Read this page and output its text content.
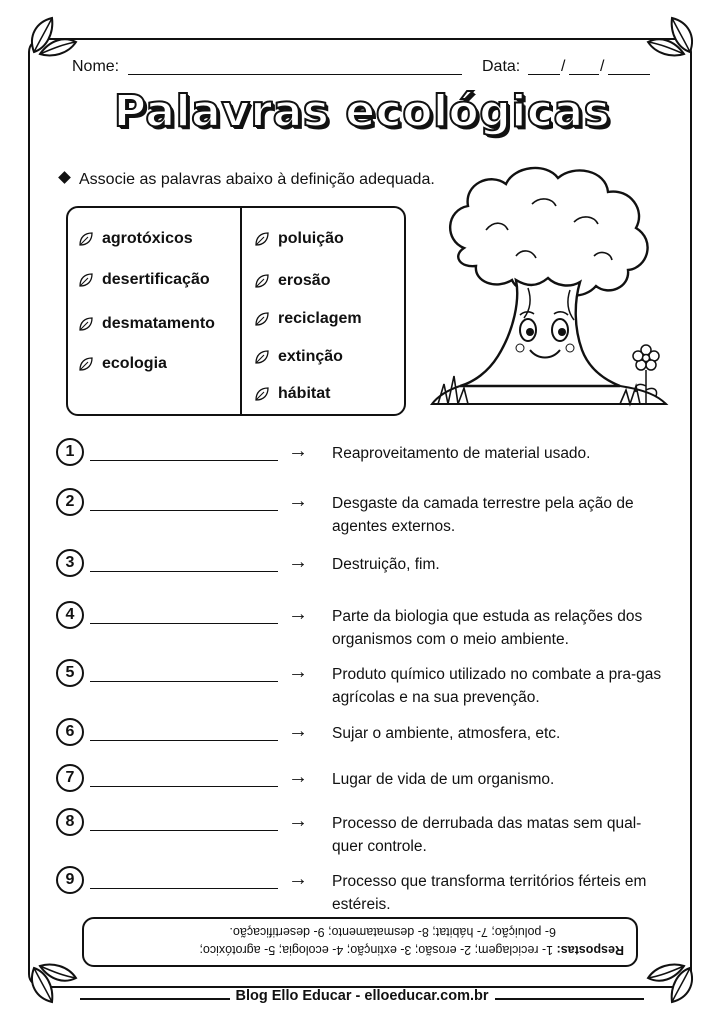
Nome:	Data:	/ /
Palavras ecológicas
Associe as palavras abaixo à definição adequada.
agrotóxicos
desertificação
desmatamento
ecologia
poluição
erosão
reciclagem
extinção
hábitat
1	→ Reaproveitamento de material usado.
2	→ Desgaste da camada terrestre pela ação de agentes externos.
3	→ Destruição, fim.
4	→ Parte da biologia que estuda as relações dos organismos com o meio ambiente.
5	→ Produto químico utilizado no combate a pra-gas agrícolas e na sua prevenção.
6	→ Sujar o ambiente, atmosfera, etc.
7	→ Lugar de vida de um organismo.
8	→ Processo de derrubada das matas sem qual-quer controle.
9	→ Processo que transforma territórios férteis em estéreis.
Respostas: 1- reciclagem; 2- erosão; 3- extinção; 4- ecologia; 5- agrotóxico;
6- poluição; 7- hábitat; 8- desmatamento; 9- desertificação.
Blog Ello Educar - elloeducar.com.br
